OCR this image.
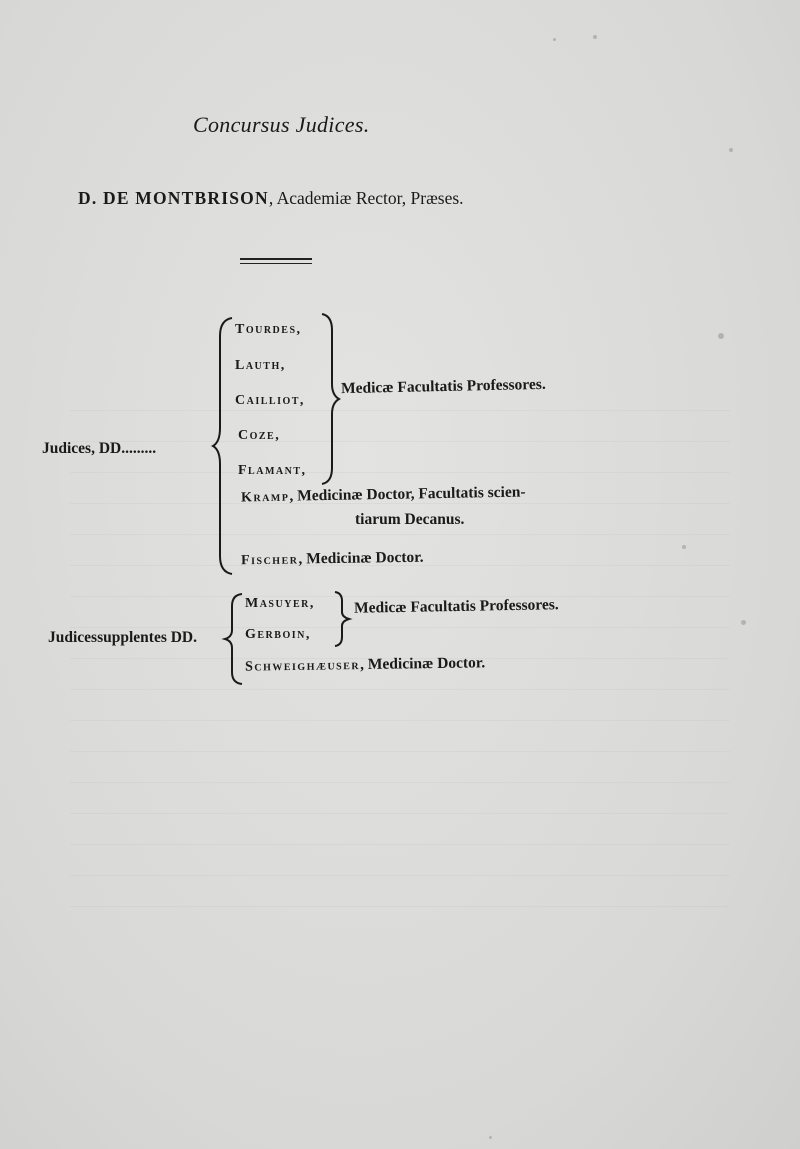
Concursus Judices.
D. DE MONTBRISON, Academiæ Rector, Præses.
Judices, DD.........
Tourdes,
Lauth,
Cailliot,
Coze,
Flamant,
Medicæ Facultatis Professores.
Kramp, Medicinæ Doctor, Facultatis scien-
tiarum Decanus.
Fischer, Medicinæ Doctor.
Judicessupplentes DD.
Masuyer,
Gerboin,
Medicæ Facultatis Professores.
Schweighæuser, Medicinæ Doctor.
